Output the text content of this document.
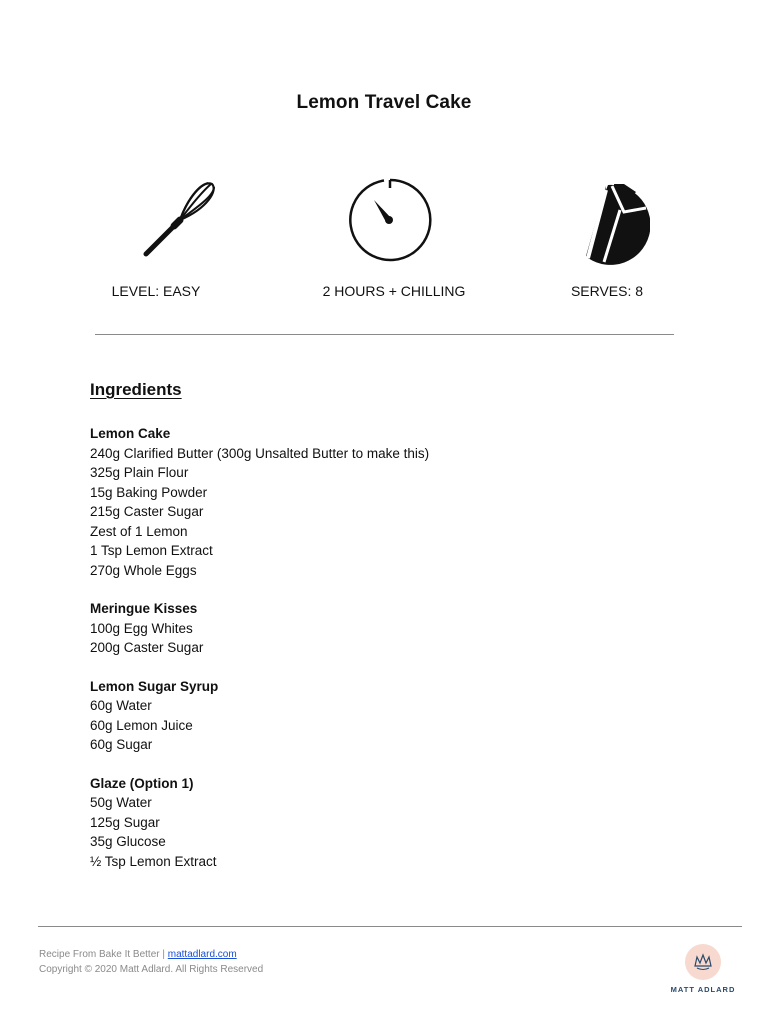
Lemon Travel Cake
LEVEL: EASY	2 HOURS + CHILLING	SERVES: 8
Ingredients
Lemon Cake
240g Clarified Butter (300g Unsalted Butter to make this)
325g Plain Flour
15g Baking Powder
215g Caster Sugar
Zest of 1 Lemon
1 Tsp Lemon Extract
270g Whole Eggs
Meringue Kisses
100g Egg Whites
200g Caster Sugar
Lemon Sugar Syrup
60g Water
60g Lemon Juice
60g Sugar
Glaze (Option 1)
50g Water
125g Sugar
35g Glucose
½ Tsp Lemon Extract
Recipe From Bake It Better | mattadlard.com
Copyright © 2020 Matt Adlard. All Rights Reserved
MATT ADLARD
